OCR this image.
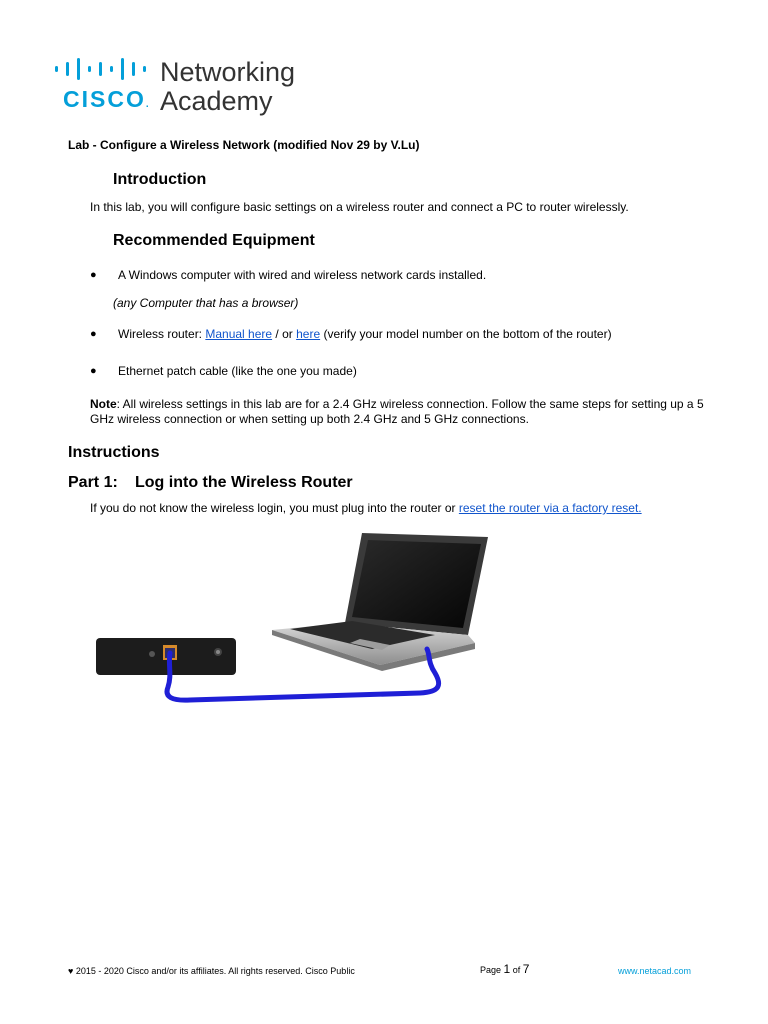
CISCO.
Networking
Academy
Lab - Configure a Wireless Network (modified Nov 29 by V.Lu)
Introduction
In this lab, you will configure basic settings on a wireless router and connect a PC to router wirelessly.
Recommended Equipment
● A Windows computer with wired and wireless network cards installed.
(any Computer that has a browser)
● Wireless router: Manual here / or here (verify your model number on the bottom of the router)
● Ethernet patch cable (like the one you made)
Note: All wireless settings in this lab are for a 2.4 GHz wireless connection. Follow the same steps for setting up a 5 GHz wireless connection or when setting up both 2.4 GHz and 5 GHz connections.
Instructions
Part 1: Log into the Wireless Router
If you do not know the wireless login, you must plug into the router or reset the router via a factory reset.
♥ 2015 - 2020 Cisco and/or its affiliates. All rights reserved. Cisco Public	Page 1 of 7	www.netacad.com
